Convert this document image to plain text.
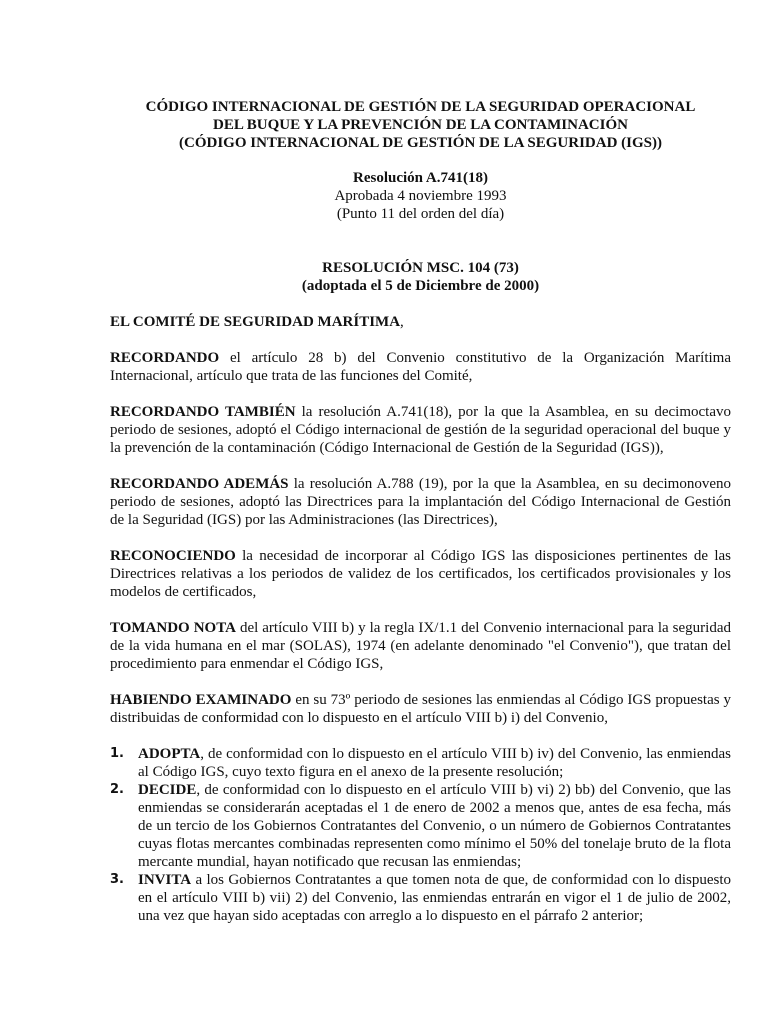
CÓDIGO INTERNACIONAL DE GESTIÓN DE LA SEGURIDAD OPERACIONAL
DEL BUQUE Y LA PREVENCIÓN DE LA CONTAMINACIÓN
(CÓDIGO INTERNACIONAL DE GESTIÓN DE LA SEGURIDAD (IGS))
Resolución A.741(18)
Aprobada 4 noviembre 1993
(Punto 11 del orden del día)
RESOLUCIÓN MSC. 104 (73)
(adoptada el 5 de Diciembre de 2000)
EL COMITÉ DE SEGURIDAD MARÍTIMA,
RECORDANDO el artículo 28 b) del Convenio constitutivo de la Organización Marítima Internacional, artículo que trata de las funciones del Comité,
RECORDANDO TAMBIÉN la resolución A.741(18), por la que la Asamblea, en su decimoctavo periodo de sesiones, adoptó el Código internacional de gestión de la seguridad operacional del buque y la prevención de la contaminación (Código Internacional de Gestión de la Seguridad (IGS)),
RECORDANDO ADEMÁS la resolución A.788 (19), por la que la Asamblea, en su decimonoveno periodo de sesiones, adoptó las Directrices para la implantación del Código Internacional de Gestión de la Seguridad (IGS) por las Administraciones (las Directrices),
RECONOCIENDO la necesidad de incorporar al Código IGS las disposiciones pertinentes de las Directrices relativas a los periodos de validez de los certificados, los certificados provisionales y los modelos de certificados,
TOMANDO NOTA del artículo VIII b) y la regla IX/1.1 del Convenio internacional para la seguridad de la vida humana en el mar (SOLAS), 1974 (en adelante denominado "el Convenio"), que tratan del procedimiento para enmendar el Código IGS,
HABIENDO EXAMINADO en su 73º periodo de sesiones las enmiendas al Código IGS propuestas y distribuidas de conformidad con lo dispuesto en el artículo VIII b) i) del Convenio,
1. ADOPTA, de conformidad con lo dispuesto en el artículo VIII b) iv) del Convenio, las enmiendas al Código IGS, cuyo texto figura en el anexo de la presente resolución;
2. DECIDE, de conformidad con lo dispuesto en el artículo VIII b) vi) 2) bb) del Convenio, que las enmiendas se considerarán aceptadas el 1 de enero de 2002 a menos que, antes de esa fecha, más de un tercio de los Gobiernos Contratantes del Convenio, o un número de Gobiernos Contratantes cuyas flotas mercantes combinadas representen como mínimo el 50% del tonelaje bruto de la flota mercante mundial, hayan notificado que recusan las enmiendas;
3. INVITA a los Gobiernos Contratantes a que tomen nota de que, de conformidad con lo dispuesto en el artículo VIII b) vii) 2) del Convenio, las enmiendas entrarán en vigor el 1 de julio de 2002, una vez que hayan sido aceptadas con arreglo a lo dispuesto en el párrafo 2 anterior;
